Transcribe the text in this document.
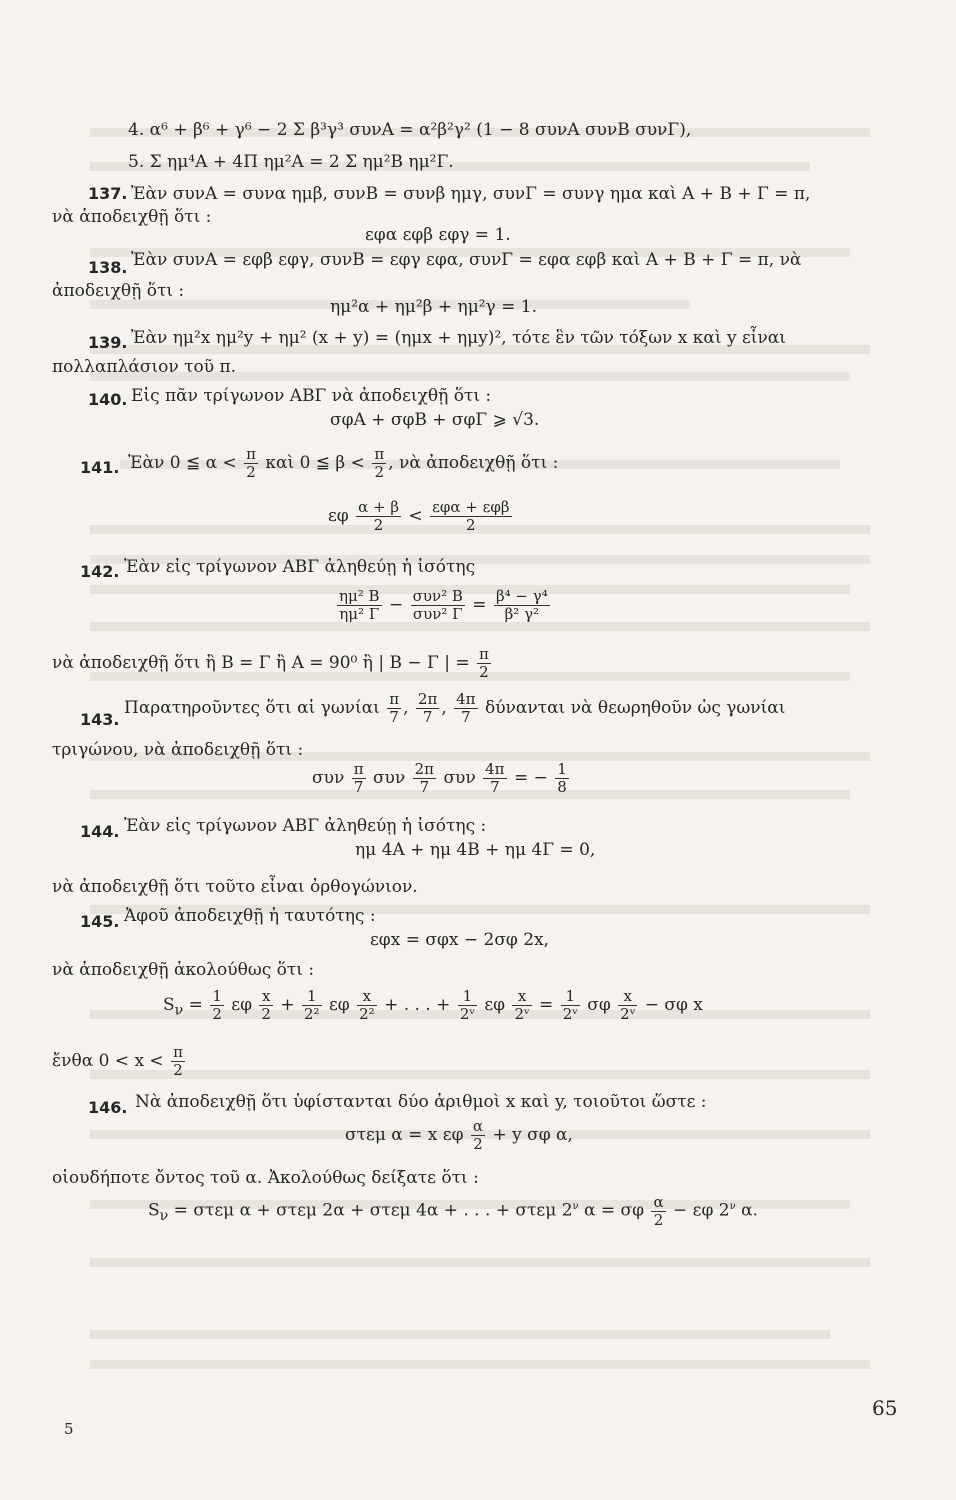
4. α⁶ + β⁶ + γ⁶ − 2 Σ β³γ³ συνA = α²β²γ² (1 − 8 συνA συνB συνΓ),
5. Σ ημ⁴A + 4Π ημ²A = 2 Σ ημ²B ημ²Γ.
137. Ἐὰν συνA = συνα ημβ, συνB = συνβ ημγ, συνΓ = συνγ ημα καὶ A + B + Γ = π,
νὰ ἀποδειχθῇ ὅτι :
εφα εφβ εφγ = 1.
138. Ἐὰν συνA = εφβ εφγ, συνB = εφγ εφα, συνΓ = εφα εφβ καὶ A + B + Γ = π, νὰ
ἀποδειχθῇ ὅτι :
ημ²α + ημ²β + ημ²γ = 1.
139. Ἐὰν ημ²x ημ²y + ημ² (x + y) = (ημx + ημy)², τότε ἓν τῶν τόξων x καὶ y εἶναι
πολλαπλάσιον τοῦ π.
140. Εἰς πᾶν τρίγωνον ABΓ νὰ ἀποδειχθῇ ὅτι :
σφA + σφB + σφΓ ⩾ √3.
141. Ἐὰν 0 ≦ $\alpha < \frac{\pi}{2}$ καὶ 0 ≦ $\beta < \frac{\pi}{2}$ , νὰ ἀποδειχθῇ ὅτι :
εφ $\frac{\alpha + \beta}{2} < \varepsilon\varphi\alpha + \varepsilon\varphi\beta$
2
142. Ἐὰν εἰς τρίγωνον ABΓ ἀληθεύῃ ἡ ἰσότης
$\frac{\text{ημ² B}}{\text{ημ² Γ}} - \sigma\upsilon\nu^2$ B
συν² $\Gamma = \frac{\text{β⁴ − γ⁴}}{\text{β² γ²}}$
νὰ ἀποδειχθῇ ὅτι ἢ B = Γ ἢ A = 90⁰ ἢ | B − Γ | = $\frac{\pi}{2}$
143.
Παρατηροῦντες ὅτι αἱ γωνίαι $\frac{\pi}{7}$ , $\frac{2\pi}{7}$ , $\frac{4\pi}{7}$ δύνανται νὰ θεωρηθοῦν ὡς γωνίαι
τριγώνου, νὰ ἀποδειχθῇ ὅτι :
συν $\frac{\pi}{7}$ συν $\frac{2\pi}{7}$ συν $\frac{4\pi}{7}$ = − $\frac{1}{8}$
144. Ἐὰν εἰς τρίγωνον ABΓ ἀληθεύῃ ἡ ἰσότης :
ημ 4A + ημ 4B + ημ 4Γ = 0,
νὰ ἀποδειχθῇ ὅτι τοῦτο εἶναι ὀρθογώνιον.
145. Ἀφοῦ ἀποδειχθῇ ἡ ταυτότης :
εφx = σφx − 2σφ 2x,
νὰ ἀποδειχθῇ ἀκολούθως ὅτι :
$S_\nu = \frac{1}{2}$ εφ $\frac{x}{2} + \frac{1}{\text{2²}}$ εφ $\frac{x}{\text{2²}}$ + . . . + $\frac{1}{\text{2ᵛ}}$ εφ $\frac{x}{\text{2ᵛ}} = \frac{1}{\text{2ᵛ}}$ σφ $\frac{x}{\text{2ᵛ}} - \sigma\varphi$ x
ἔνθα $0 < x < \frac{\pi}{2}$
146. Νὰ ἀποδειχθῇ ὅτι ὑφίστανται δύο ἀριθμοὶ x καὶ y, τοιοῦτοι ὥστε :
στεμ α = x εφ $\frac{\alpha}{2} + y$ σφ α,
οἱουδήποτε ὄντος τοῦ α. Ἀκολούθως δείξατε ὅτι :
$S_\nu = \sigma\tau\varepsilon\mu$ α + στεμ 2α + στεμ 4α + . . . + στεμ $2^\nu$ α = σφ $\frac{\alpha}{2} - \varepsilon\varphi$ $2^\nu$ α.
65
5
